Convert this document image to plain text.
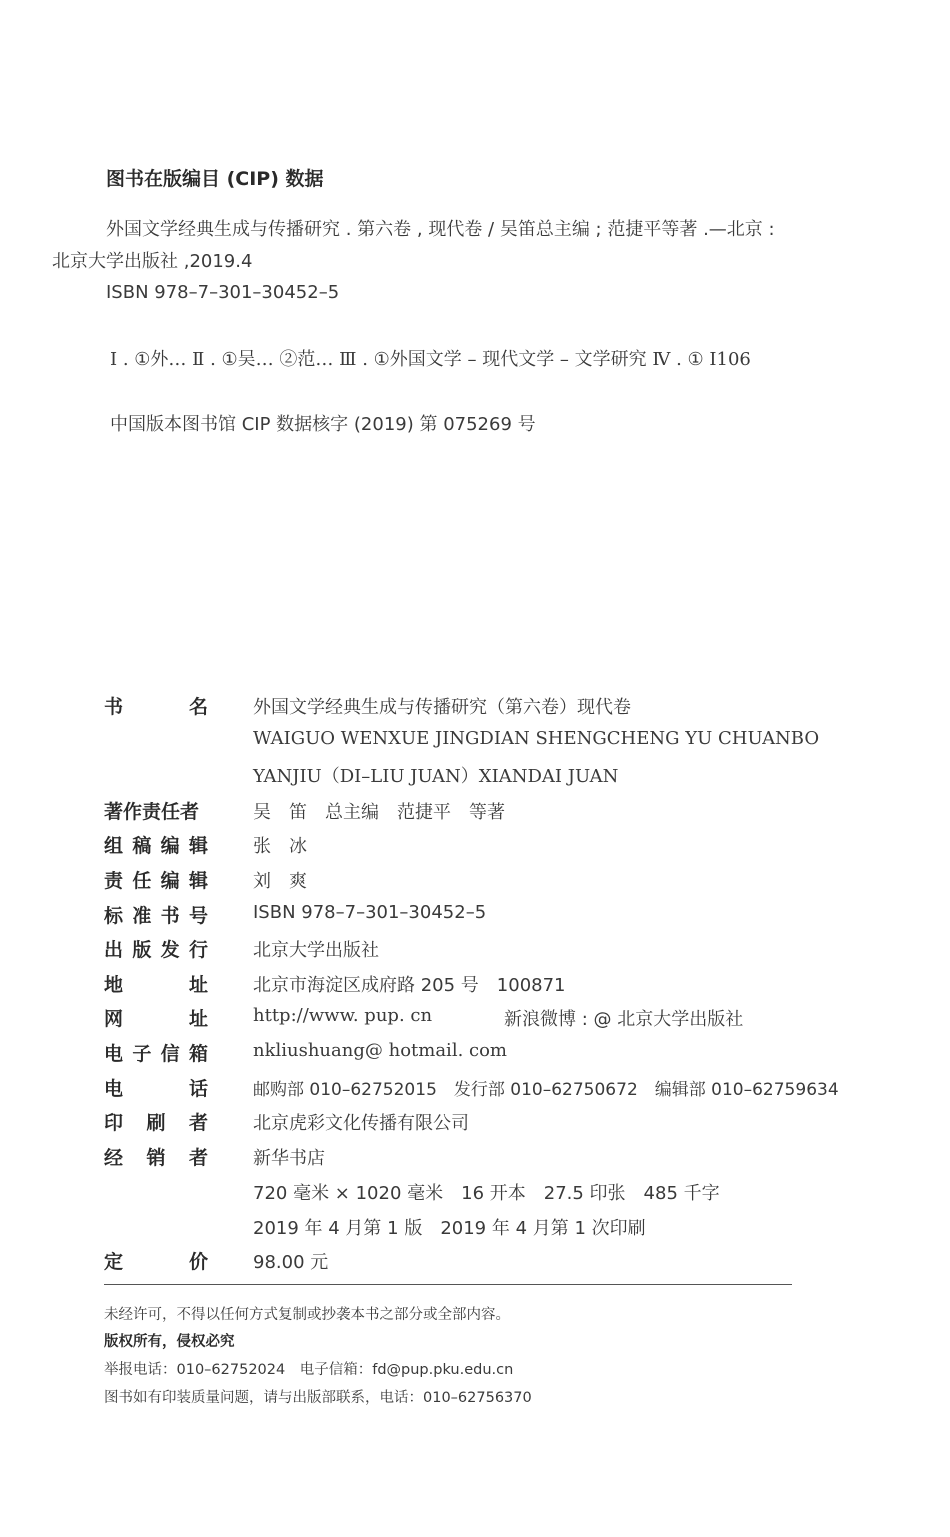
图书在版编目 (CIP) 数据
外国文学经典生成与传播研究 . 第六卷 , 现代卷 / 吴笛总主编 ; 范捷平等著 .—北京 :
北京大学出版社 ,2019.4
ISBN 978–7–301–30452–5
Ⅰ . ①外… Ⅱ . ①吴… ②范… Ⅲ . ①外国文学 – 现代文学 – 文学研究 Ⅳ . ① I106
中国版本图书馆 CIP 数据核字 (2019) 第 075269 号
书	名	外国文学经典生成与传播研究（第六卷）现代卷
WAIGUO WENXUE JINGDIAN SHENGCHENG YU CHUANBO
YANJIU（DI–LIU JUAN）XIANDAI JUAN
著作责任者	吴　笛　总主编　范捷平　等著
组 稿 编 辑	张　冰
责 任 编 辑	刘　爽
标 准 书 号	ISBN 978–7–301–30452–5
出 版 发 行	北京大学出版社
地	址	北京市海淀区成府路 205 号　100871
网	址	http://www. pup. cn	新浪微博 : @ 北京大学出版社
电 子 信 箱	nkliushuang@ hotmail. com
电	话	邮购部 010–62752015　发行部 010–62750672　编辑部 010–62759634
印 刷 者	北京虎彩文化传播有限公司
经 销 者	新华书店
720 毫米 × 1020 毫米　16 开本　27.5 印张　485 千字
2019 年 4 月第 1 版　2019 年 4 月第 1 次印刷
定	价	98.00 元
未经许可，不得以任何方式复制或抄袭本书之部分或全部内容。
版权所有，侵权必究
举报电话：010–62752024　电子信箱：fd@pup.pku.edu.cn
图书如有印装质量问题，请与出版部联系，电话：010–62756370
